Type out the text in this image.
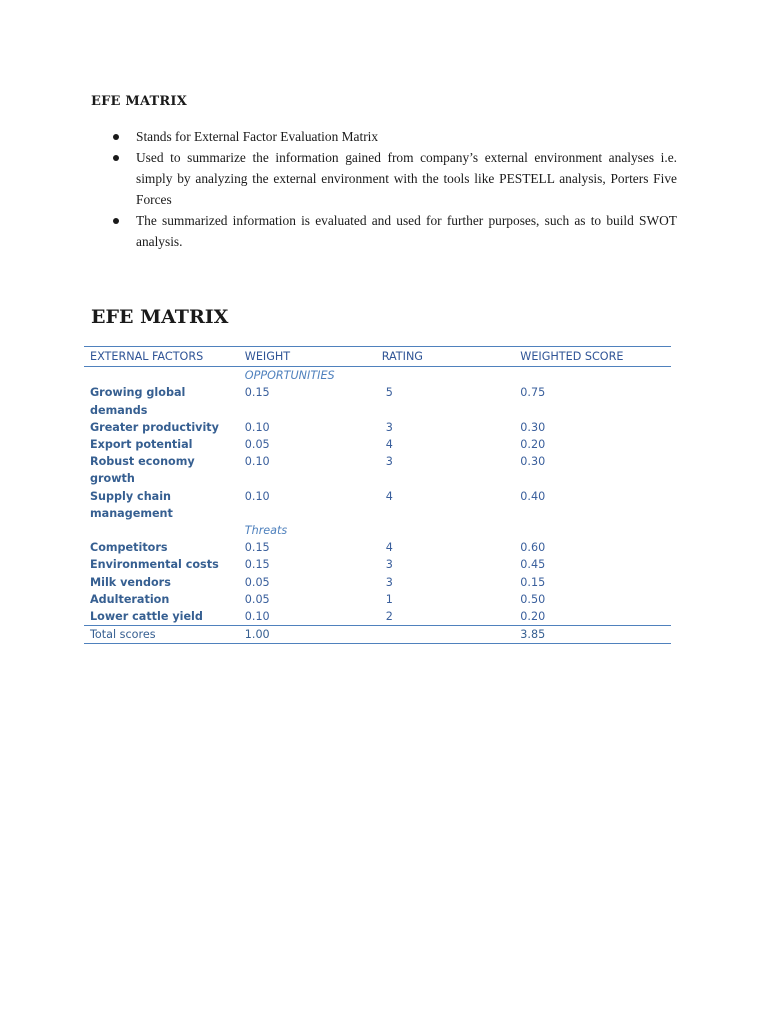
EFE MATRIX
Stands for External Factor Evaluation Matrix
Used to summarize the information gained from company’s external environment analyses i.e. simply by analyzing the external environment with the tools like PESTELL analysis, Porters Five Forces
The summarized information is evaluated and used for further purposes, such as to build SWOT analysis.
EFE MATRIX
EXTERNAL FACTORS	WEIGHT	RATING	WEIGHTED SCORE
	OPPORTUNITIES		
Growing global demands	0.15	5	0.75
Greater productivity	0.10	3	0.30
Export potential	0.05	4	0.20
Robust economy growth	0.10	3	0.30
Supply chain management	0.10	4	0.40
	Threats		
Competitors	0.15	4	0.60
Environmental costs	0.15	3	0.45
Milk vendors	0.05	3	0.15
Adulteration	0.05	1	0.50
Lower cattle yield	0.10	2	0.20
Total scores	1.00		3.85
